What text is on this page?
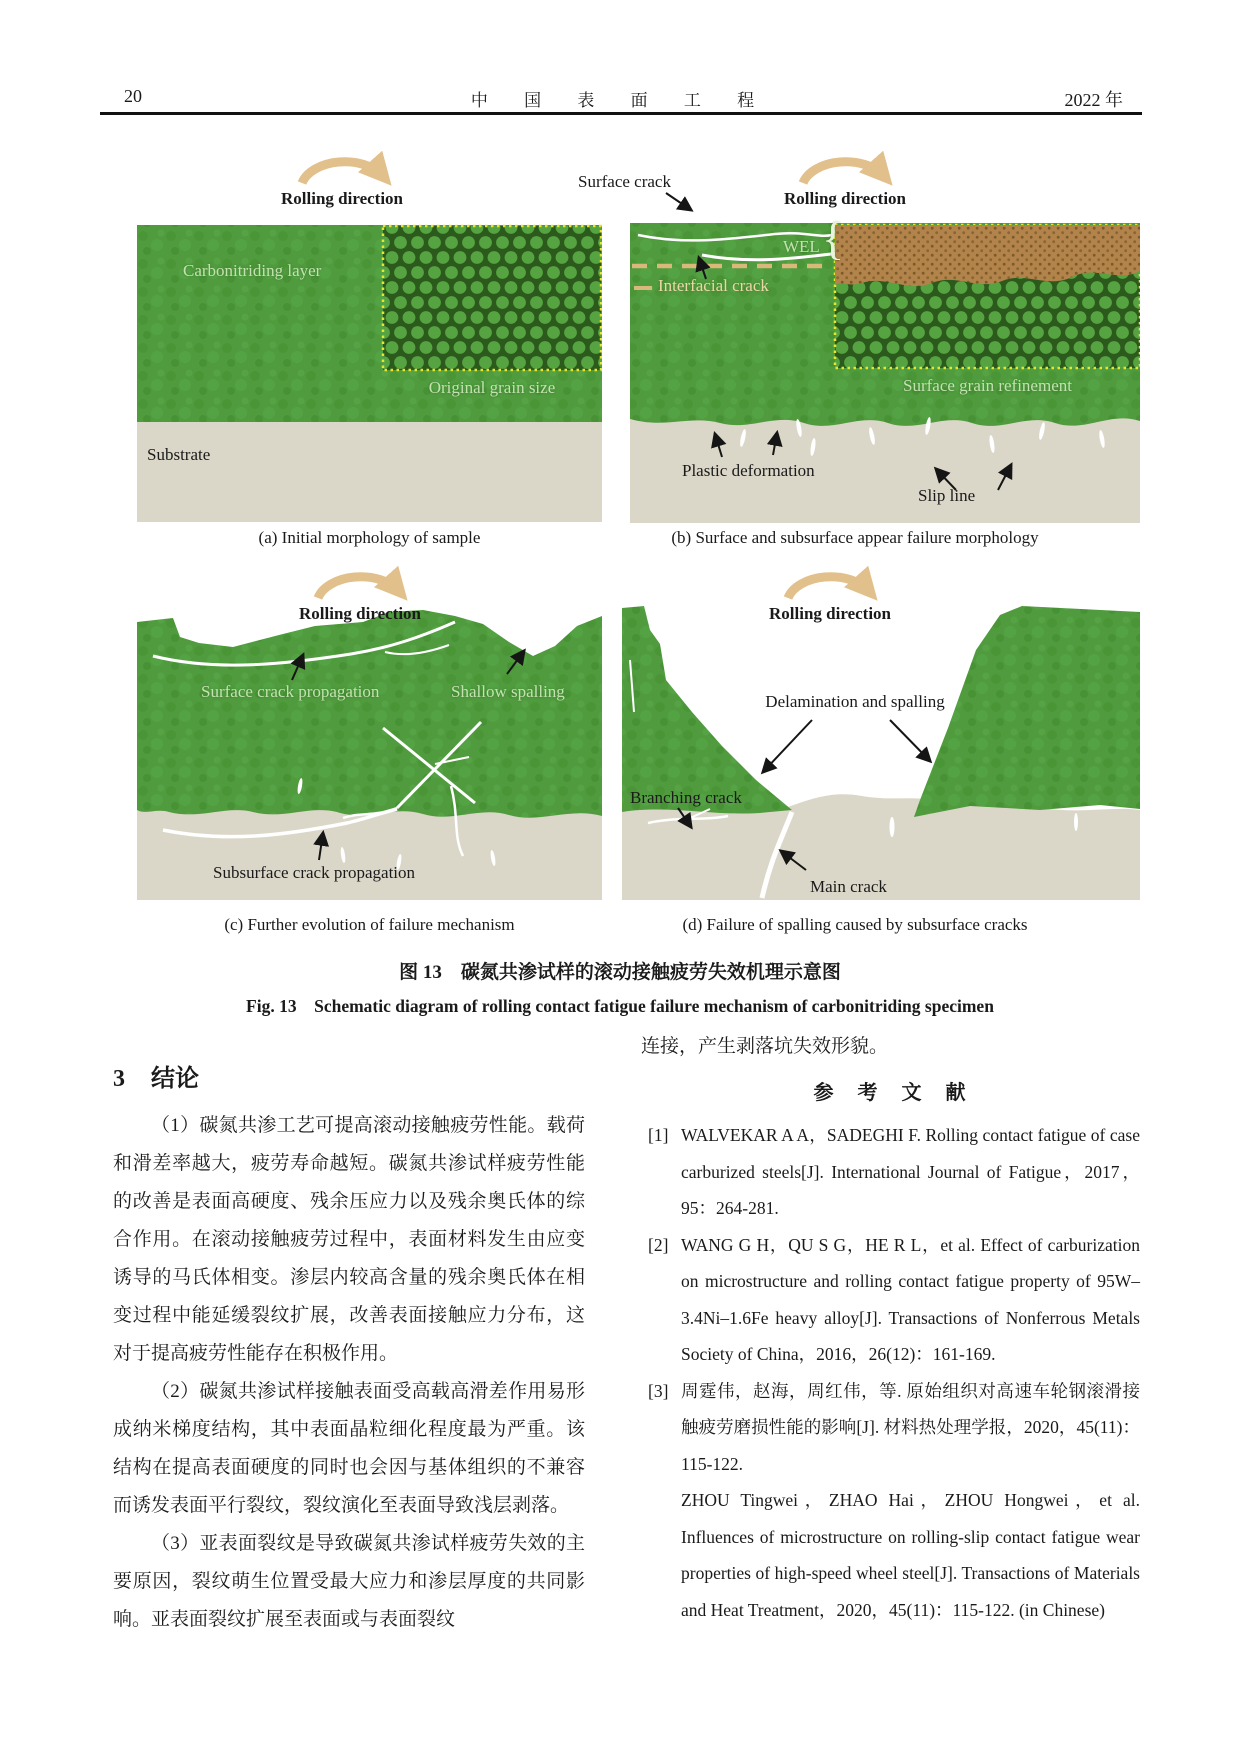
20	中 国 表 面 工 程	2022 年
Rolling direction
Carbonitriding layer
Original grain size
Substrate
Surface crack
Rolling direction
WEL {
Interfacial crack
Surface grain refinement
Plastic deformation
Slip line
Rolling direction
Surface crack propagation	Shallow spalling
Subsurface crack propagation
Rolling direction
Delamination and spalling
Branching crack
Main crack
(a) Initial morphology of sample	(b) Surface and subsurface appear failure morphology
(c) Further evolution of failure mechanism	(d) Failure of spalling caused by subsurface cracks
图 13　碳氮共渗试样的滚动接触疲劳失效机理示意图
Fig. 13　Schematic diagram of rolling contact fatigue failure mechanism of carbonitriding specimen
3 结论

（1）碳氮共渗工艺可提高滚动接触疲劳性能。载荷和滑差率越大，疲劳寿命越短。碳氮共渗试样疲劳性能的改善是表面高硬度、残余压应力以及残余奥氏体的综合作用。在滚动接触疲劳过程中，表面材料发生由应变诱导的马氏体相变。渗层内较高含量的残余奥氏体在相变过程中能延缓裂纹扩展，改善表面接触应力分布，这对于提高疲劳性能存在积极作用。

（2）碳氮共渗试样接触表面受高载高滑差作用易形成纳米梯度结构，其中表面晶粒细化程度最为严重。该结构在提高表面硬度的同时也会因与基体组织的不兼容而诱发表面平行裂纹，裂纹演化至表面导致浅层剥落。

（3）亚表面裂纹是导致碳氮共渗试样疲劳失效的主要原因，裂纹萌生位置受最大应力和渗层厚度的共同影响。亚表面裂纹扩展至表面或与表面裂纹

连接，产生剥落坑失效形貌。

参　考　文　献
[1] WALVEKAR A A，SADEGHI F. Rolling contact fatigue of case carburized steels[J]. International Journal of Fatigue，2017，95：264-281.
[2] WANG G H，QU S G，HE R L，et al. Effect of carburization on microstructure and rolling contact fatigue property of 95W–3.4Ni–1.6Fe heavy alloy[J]. Transactions of Nonferrous Metals Society of China，2016，26(12)：161-169.
[3] 周霆伟，赵海，周红伟，等. 原始组织对高速车轮钢滚滑接触疲劳磨损性能的影响[J]. 材料热处理学报，2020，45(11)：115-122.
ZHOU Tingwei，ZHAO Hai，ZHOU Hongwei，et al. Influences of microstructure on rolling-slip contact fatigue wear properties of high-speed wheel steel[J]. Transactions of Materials and Heat Treatment，2020，45(11)：115-122. (in Chinese)
